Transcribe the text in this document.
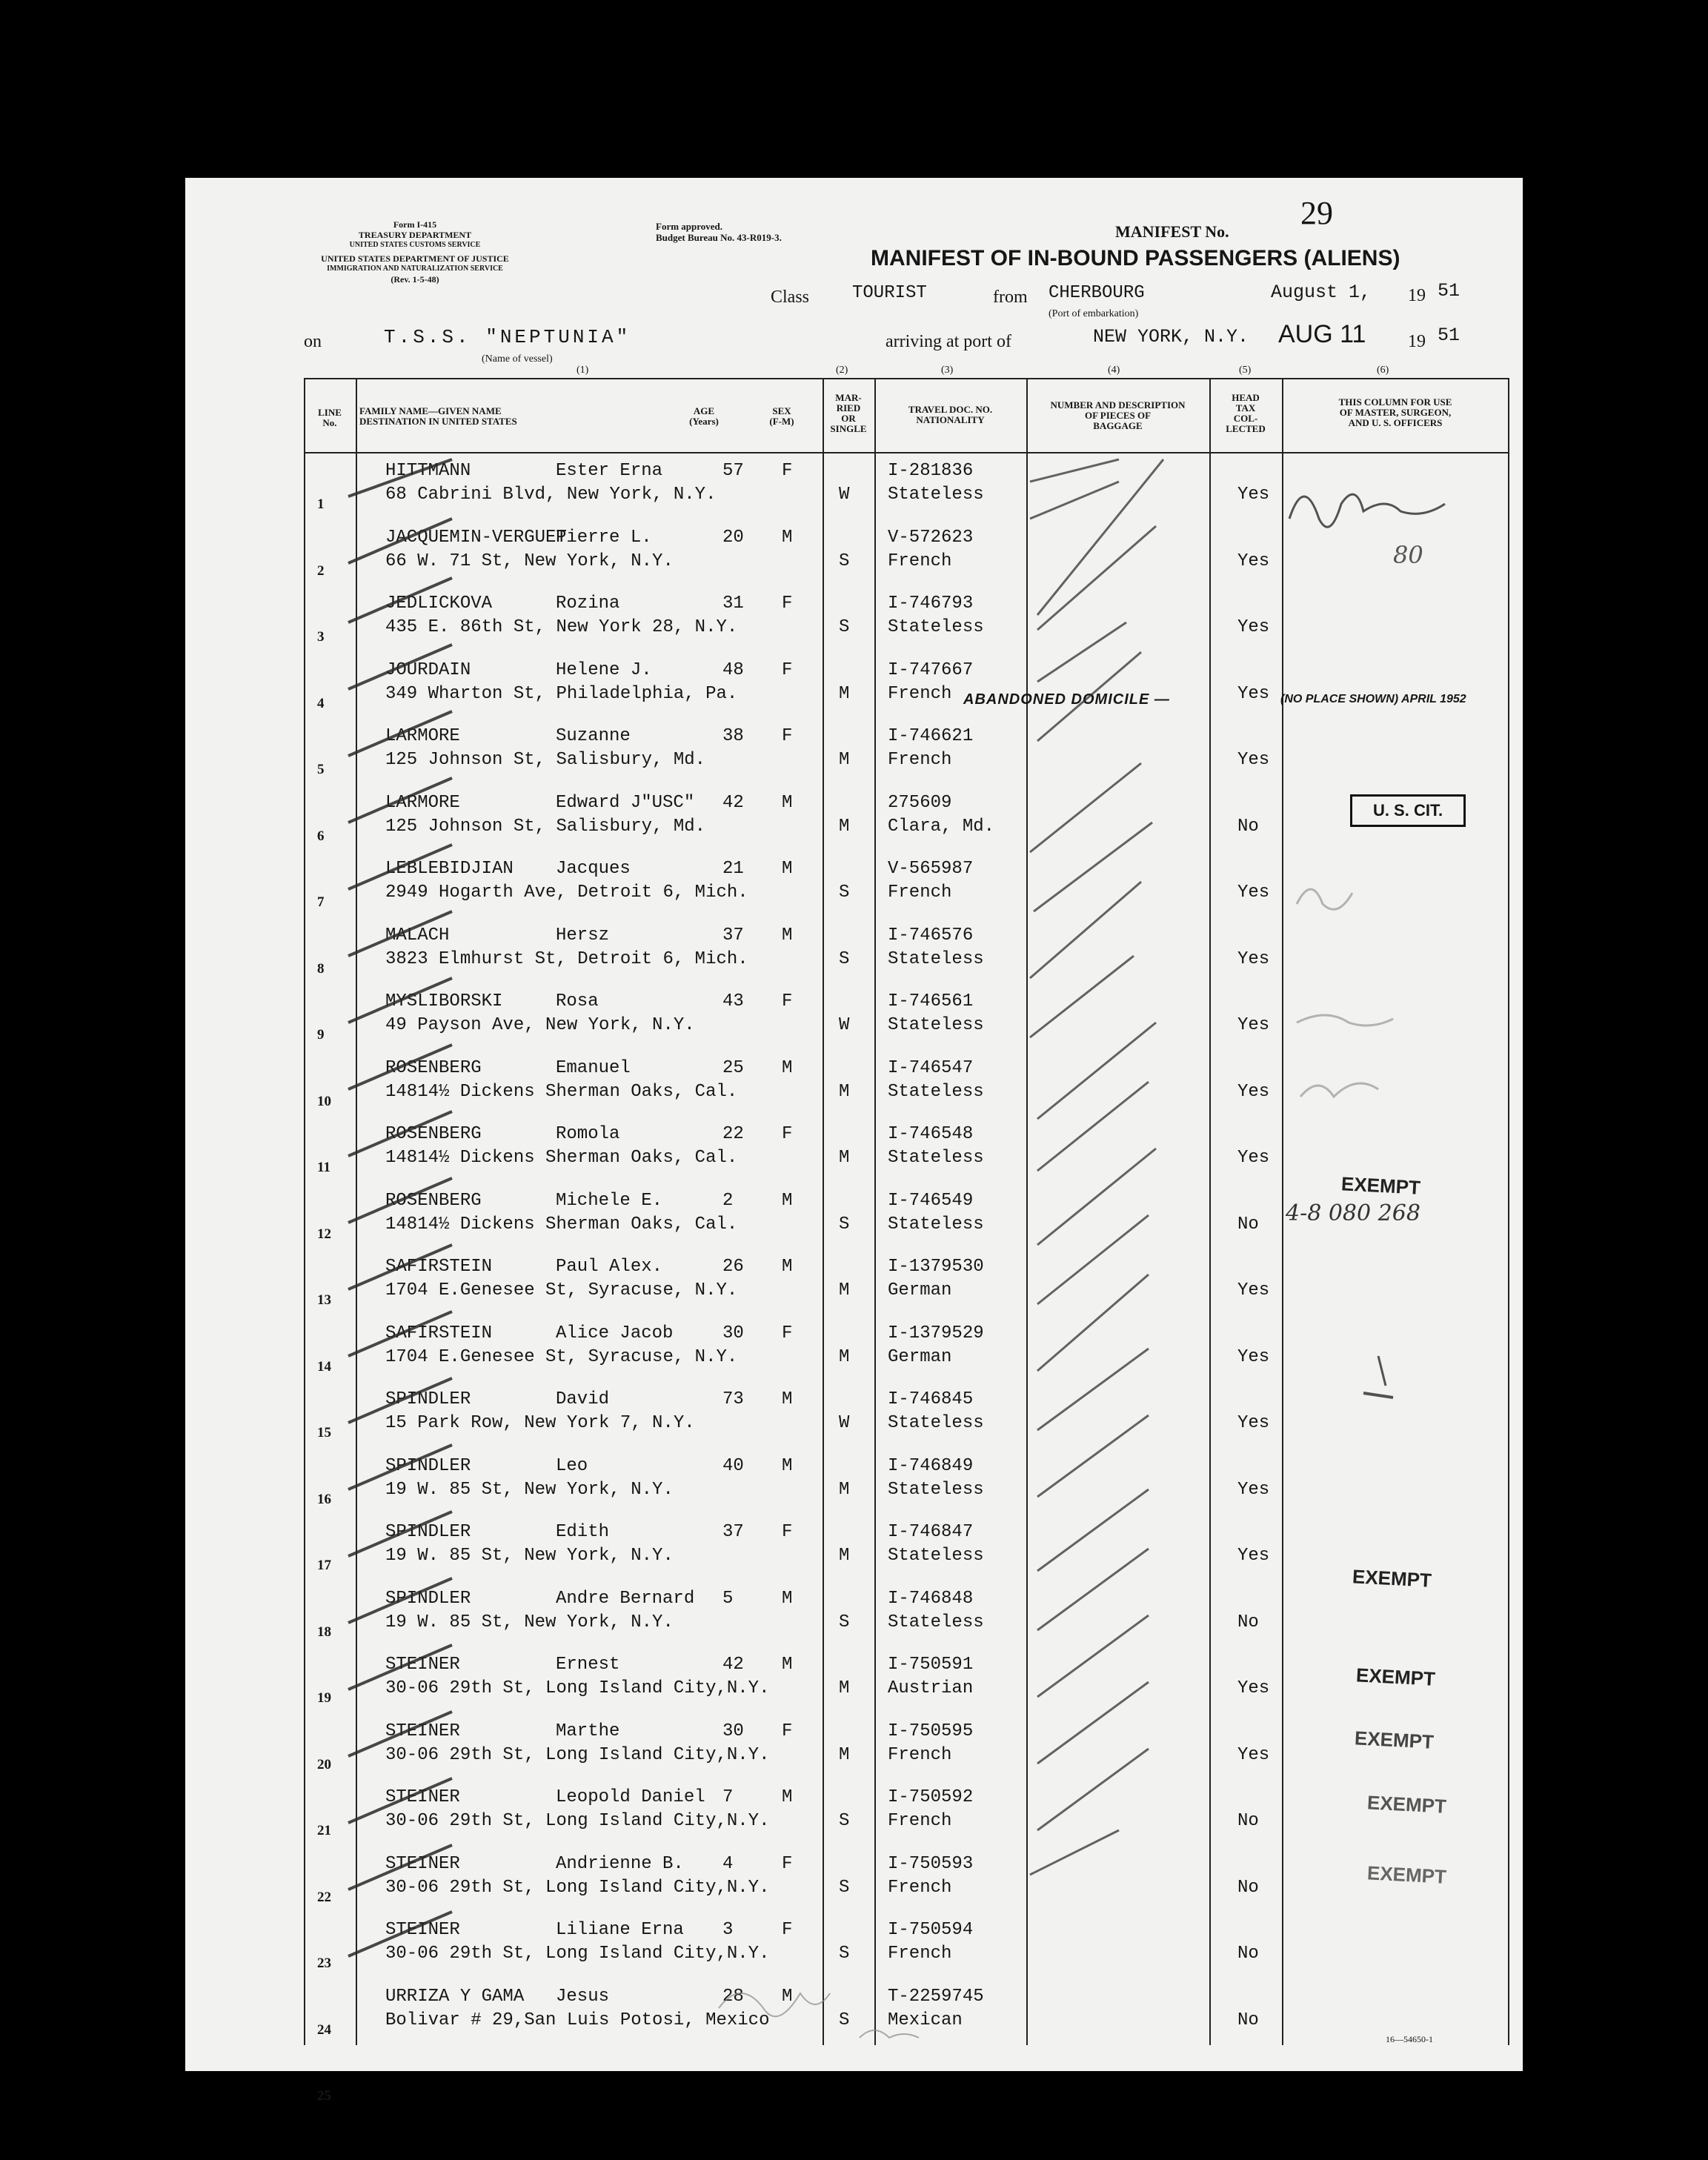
Form I-415
TREASURY DEPARTMENT
UNITED STATES CUSTOMS SERVICE
UNITED STATES DEPARTMENT OF JUSTICE
IMMIGRATION AND NATURALIZATION SERVICE
(Rev. 1-5-48)
Form approved.
Budget Bureau No. 43-R019-3.	MANIFEST No.
29
MANIFEST OF IN-BOUND PASSENGERS (ALIENS)
Class TOURIST	from CHERBOURG
(Port of embarkation)
August 1, 19 51
on	T.S.S. "NEPTUNIA"
(Name of vessel)
arriving at port of	NEW YORK, N.Y. AUG 11 19 51
(1)	(2)	(3)	(4)	(5)	(6)
LINE
No.
FAMILY NAME—GIVEN NAME
DESTINATION IN UNITED STATES
AGE
(Years)
SEX
(F-M)
MAR-
RIED
OR
SINGLE
TRAVEL DOC. NO.
NATIONALITY
NUMBER AND DESCRIPTION
OF PIECES OF
BAGGAGE
HEAD
TAX
COL-
LECTED
THIS COLUMN FOR USE
OF MASTER, SURGEON,
AND U. S. OFFICERS
1
HITTMANN	Ester Erna	57 F
68 Cabrini Blvd, New York, N.Y.	W
I-281836
Stateless	Yes
2
JACQUEMIN-VERGUET
Pierre L.	20 M
66 W. 71 St, New York, N.Y.	S
V-572623
French	Yes
3
JEDLICKOVA	Rozina	31 F
435 E. 86th St, New York 28, N.Y.	S
I-746793
Stateless	Yes
4
JOURDAIN	Helene J.	48 F
349 Wharton St, Philadelphia, Pa.	M
I-747667
French	Yes
5
LARMORE	Suzanne	38 F
125 Johnson St, Salisbury, Md.	M
I-746621
French	Yes
6
LARMORE	Edward J"USC" 42 M
125 Johnson St, Salisbury, Md.	M
275609
Clara, Md.	No
7
LEBLEBIDJIAN Jacques	21 M
2949 Hogarth Ave, Detroit 6, Mich.	S
V-565987
French	Yes
8
MALACH	Hersz	37 M
3823 Elmhurst St, Detroit 6, Mich.	S
I-746576
Stateless	Yes
9
MYSLIBORSKI	Rosa	43 F
49 Payson Ave, New York, N.Y.	W
I-746561
Stateless	Yes
10
ROSENBERG	Emanuel	25 M
14814½ Dickens Sherman Oaks, Cal.	M
I-746547
Stateless	Yes
11
ROSENBERG	Romola	22 F
14814½ Dickens Sherman Oaks, Cal.	M
I-746548
Stateless	Yes
12
ROSENBERG	Michele E.	2	M
14814½ Dickens Sherman Oaks, Cal.	S
I-746549
Stateless	No
13
SAFIRSTEIN	Paul Alex.	26 M
1704 E.Genesee St, Syracuse, N.Y.	M
I-1379530
German	Yes
14
SAFIRSTEIN	Alice Jacob	30 F
1704 E.Genesee St, Syracuse, N.Y.	M
I-1379529
German	Yes
15
SPINDLER	David	73 M
15 Park Row, New York 7, N.Y.	W
I-746845
Stateless	Yes
16
SPINDLER	Leo	40 M
19 W. 85 St, New York, N.Y.	M
I-746849
Stateless	Yes
17
SPINDLER	Edith	37 F
19 W. 85 St, New York, N.Y.	M
I-746847
Stateless	Yes
18
SPINDLER	Andre Bernard 5	M
19 W. 85 St, New York, N.Y.	S
I-746848
Stateless	No
19
STEINER	Ernest	42 M
30-06 29th St, Long Island City,N.Y.	M
I-750591
Austrian	Yes
20
STEINER	Marthe	30 F
30-06 29th St, Long Island City,N.Y.	M
I-750595
French	Yes
21
STEINER	Leopold Daniel 7	M
30-06 29th St, Long Island City,N.Y.	S
I-750592
French	No
22
STEINER	Andrienne B. 4	F
30-06 29th St, Long Island City,N.Y.	S
I-750593
French	No
23
STEINER	Liliane Erna 3	F
30-06 29th St, Long Island City,N.Y.	S
I-750594
French	No
24
URRIZA Y GAMA Jesus	28 M
Bolivar # 29,San Luis Potosi, Mexico	S
T-2259745
Mexican	No
25
ABANDONED DOMICILE —	(NO PLACE SHOWN) APRIL 1952
U. S. CIT.
80
EXEMPT
4-8 080 268
EXEMPT
EXEMPT
EXEMPT
EXEMPT
EXEMPT
16—54650-1
